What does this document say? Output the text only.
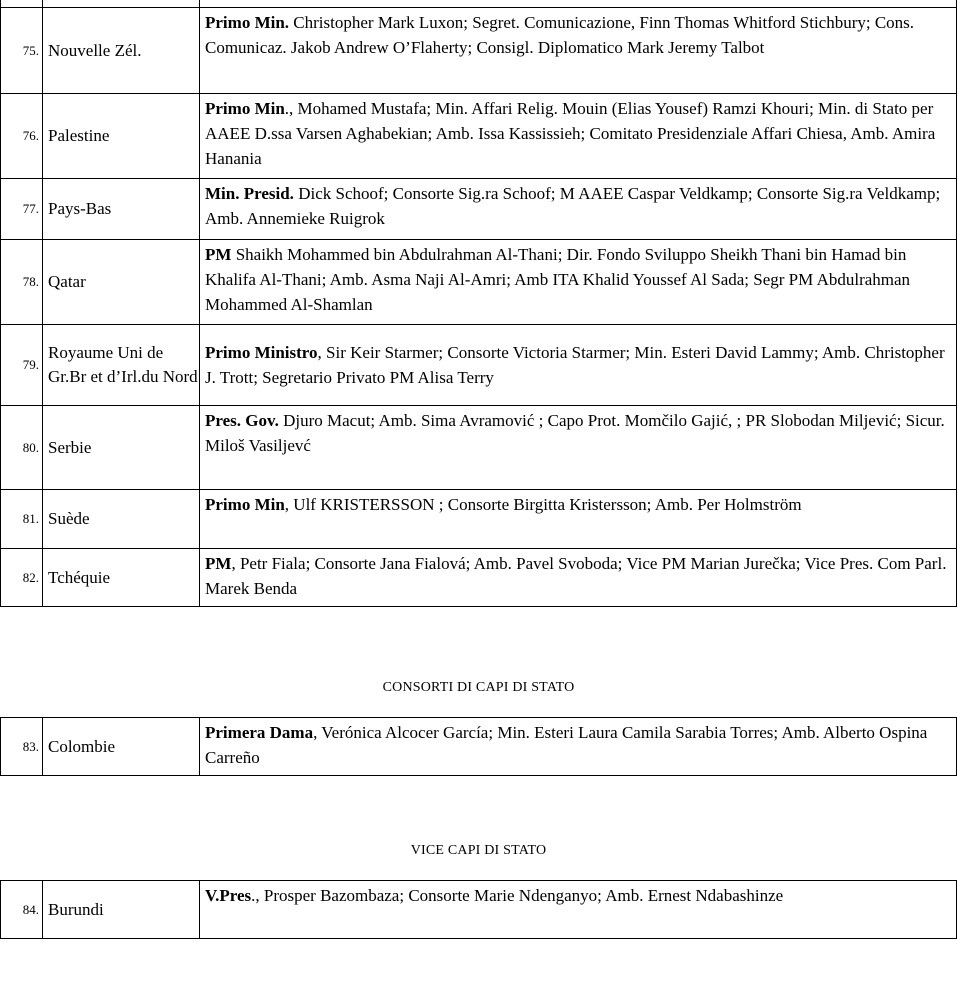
75.	Nouvelle Zél.	Primo Min. Christopher Mark Luxon; Segret. Comunicazione, Finn Thomas Whitford Stichbury; Cons. Comunicaz. Jakob Andrew O’Flaherty; Consigl. Diplomatico Mark Jeremy Talbot
76.	Palestine	Primo Min., Mohamed Mustafa; Min. Affari Relig. Mouin (Elias Yousef) Ramzi Khouri; Min. di Stato per AAEE D.ssa Varsen Aghabekian; Amb. Issa Kassissieh; Comitato Presidenziale Affari Chiesa, Amb. Amira Hanania
77.	Pays-Bas	Min. Presid. Dick Schoof; Consorte Sig.ra Schoof; M AAEE Caspar Veldkamp; Consorte Sig.ra Veldkamp; Amb. Annemieke Ruigrok
78.	Qatar	PM Shaikh Mohammed bin Abdulrahman Al-Thani; Dir. Fondo Sviluppo Sheikh Thani bin Hamad bin Khalifa Al-Thani; Amb. Asma Naji Al-Amri; Amb ITA Khalid Youssef Al Sada; Segr PM Abdulrahman Mohammed Al-Shamlan
79.	Royaume Uni de Gr.Br et d’Irl.du Nord	Primo Ministro, Sir Keir Starmer; Consorte Victoria Starmer; Min. Esteri David Lammy; Amb. Christopher J. Trott; Segretario Privato PM Alisa Terry
80.	Serbie	Pres. Gov. Djuro Macut; Amb. Sima Avramović ; Capo Prot. Momčilo Gajić, ; PR Slobodan Miljević; Sicur. Miloš Vasiljevć
81.	Suède	Primo Min, Ulf KRISTERSSON ; Consorte Birgitta Kristersson; Amb. Per Holmström
82.	Tchéquie	PM, Petr Fiala; Consorte Jana Fialová; Amb. Pavel Svoboda; Vice PM Marian Jurečka; Vice Pres. Com Parl. Marek Benda
CONSORTI DI CAPI DI STATO
83.	Colombie	Primera Dama, Verónica Alcocer García; Min. Esteri Laura Camila Sarabia Torres; Amb. Alberto Ospina Carreño
VICE CAPI DI STATO
84.	Burundi	V.Pres., Prosper Bazombaza; Consorte Marie Ndenganyo; Amb. Ernest Ndabashinze
